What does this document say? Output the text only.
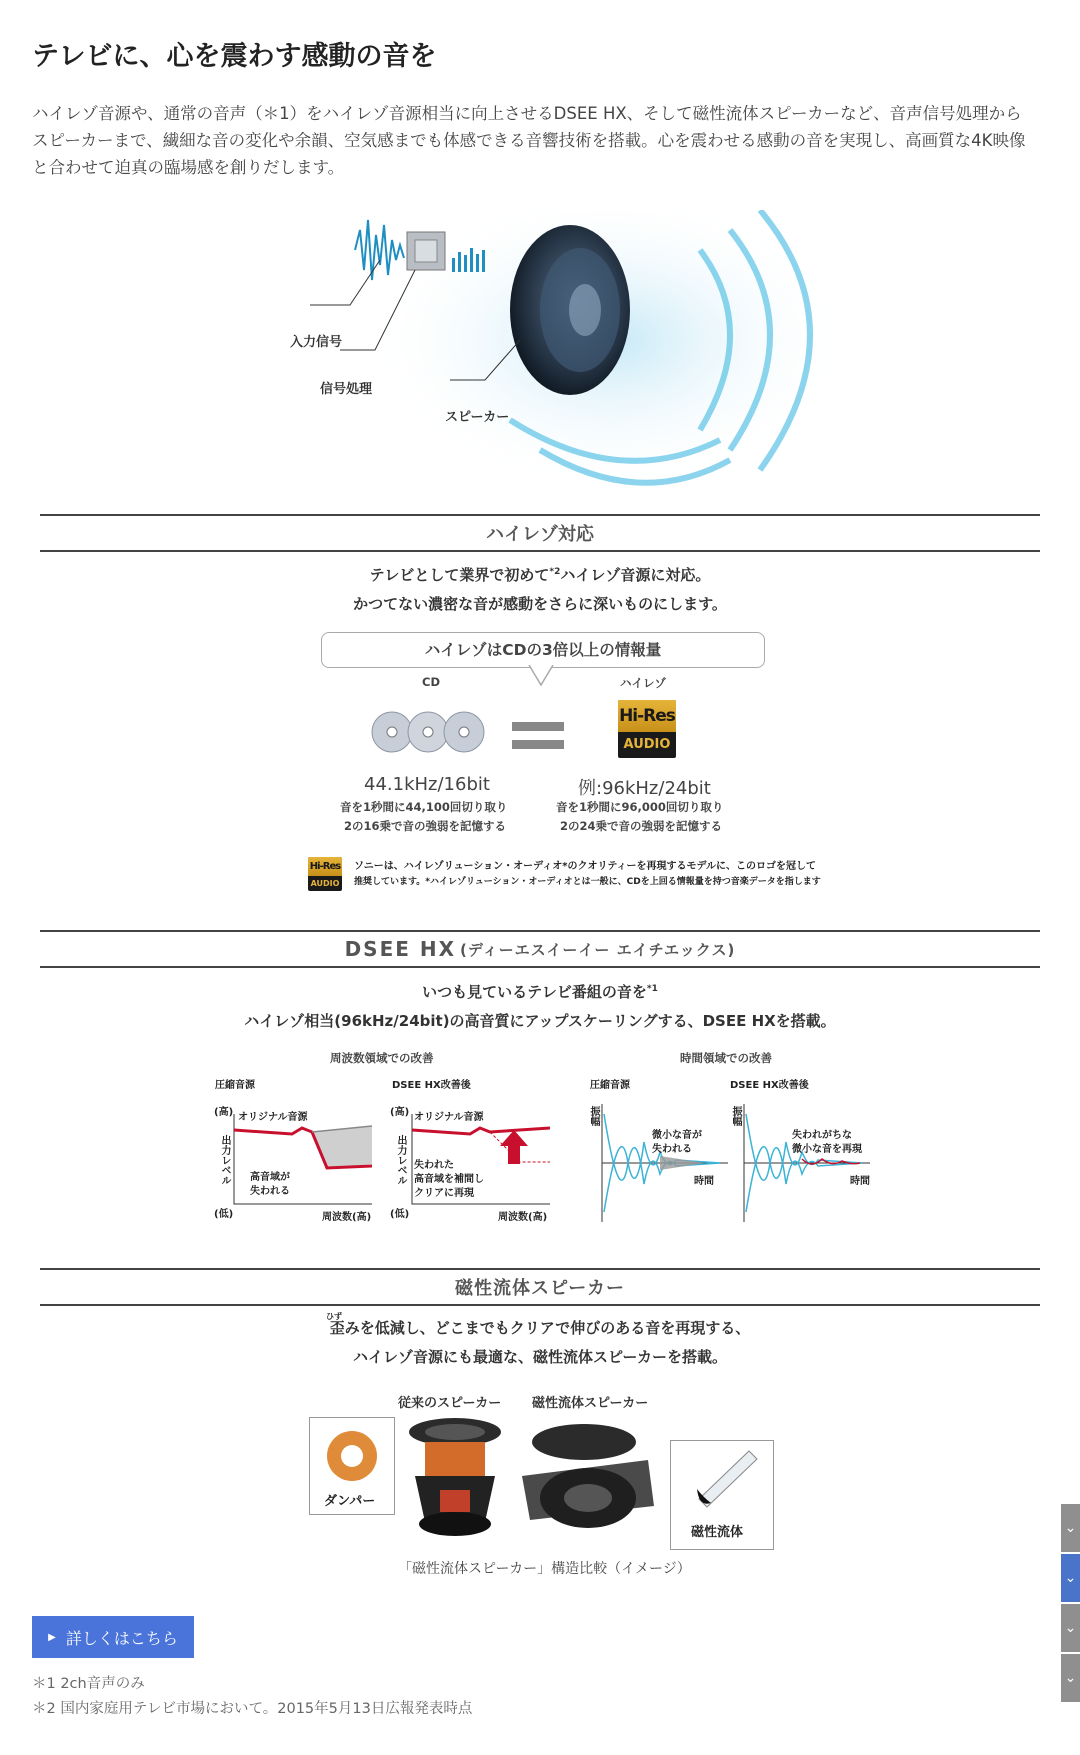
テレビに、心を震わす感動の音を

ハイレゾ音源や、通常の音声（＊1）をハイレゾ音源相当に向上させるDSEE HX、そして磁性流体スピーカーなど、音声信号処理からスピーカーまで、繊細な音の変化や余韻、空気感までも体感できる音響技術を搭載。心を震わせる感動の音を実現し、高画質な4K映像と合わせて迫真の臨場感を創りだします。

入力信号
信号処理
スピーカー
ハイレゾ対応
テレビとして業界で初めて$^{*2}$ハイレゾ音源に対応。
かつてない濃密な音が感動をさらに深いものにします。
ハイレゾはCDの3倍以上の情報量
CD	ハイレゾ
Hi-Res
AUDIO
44.1kHz/16bit	例:96kHz/24bit
音を1秒間に44,100回切り取り
2の16乗で音の強弱を記憶する
音を1秒間に96,000回切り取り
2の24乗で音の強弱を記憶する
Hi-Res
AUDIO
ソニーは、ハイレゾリューション・オーディオ*のクオリティーを再現するモデルに、このロゴを冠して
推奨しています。*ハイレゾリューション・オーディオとは一般に、CDを上回る情報量を持つ音楽データを指します
DSEE HX (ディーエスイーイー エイチエックス)
いつも見ているテレビ番組の音を$^{*1}$
ハイレゾ相当(96kHz/24bit)の高音質にアップスケーリングする、DSEE HXを搭載。
周波数領域での改善	時間領域での改善
圧縮音源	DSEE HX改善後	圧縮音源	DSEE HX改善後
(高)
(低)
オリジナル音源
出力レベル 高音域が
失われる
周波数(高)
(高)
(低)
オリジナル音源
出力レベル 失われた
高音域を補間し
クリアに再現
周波数(高)
振幅
微小な音が
失われる
時間
振幅
失われがちな
微小な音を再現
時間
磁性流体スピーカー
ひず
歪みを低減し、どこまでもクリアで伸びのある音を再現する、
ハイレゾ音源にも最適な、磁性流体スピーカーを搭載。
従来のスピーカー 磁性流体スピーカー
ダンパー
磁性流体
「磁性流体スピーカー」構造比較（イメージ）
▶ 詳しくはこちら
＊1 2ch音声のみ
＊2 国内家庭用テレビ市場において。2015年5月13日広報発表時点
⌄
⌄
⌄
⌄
